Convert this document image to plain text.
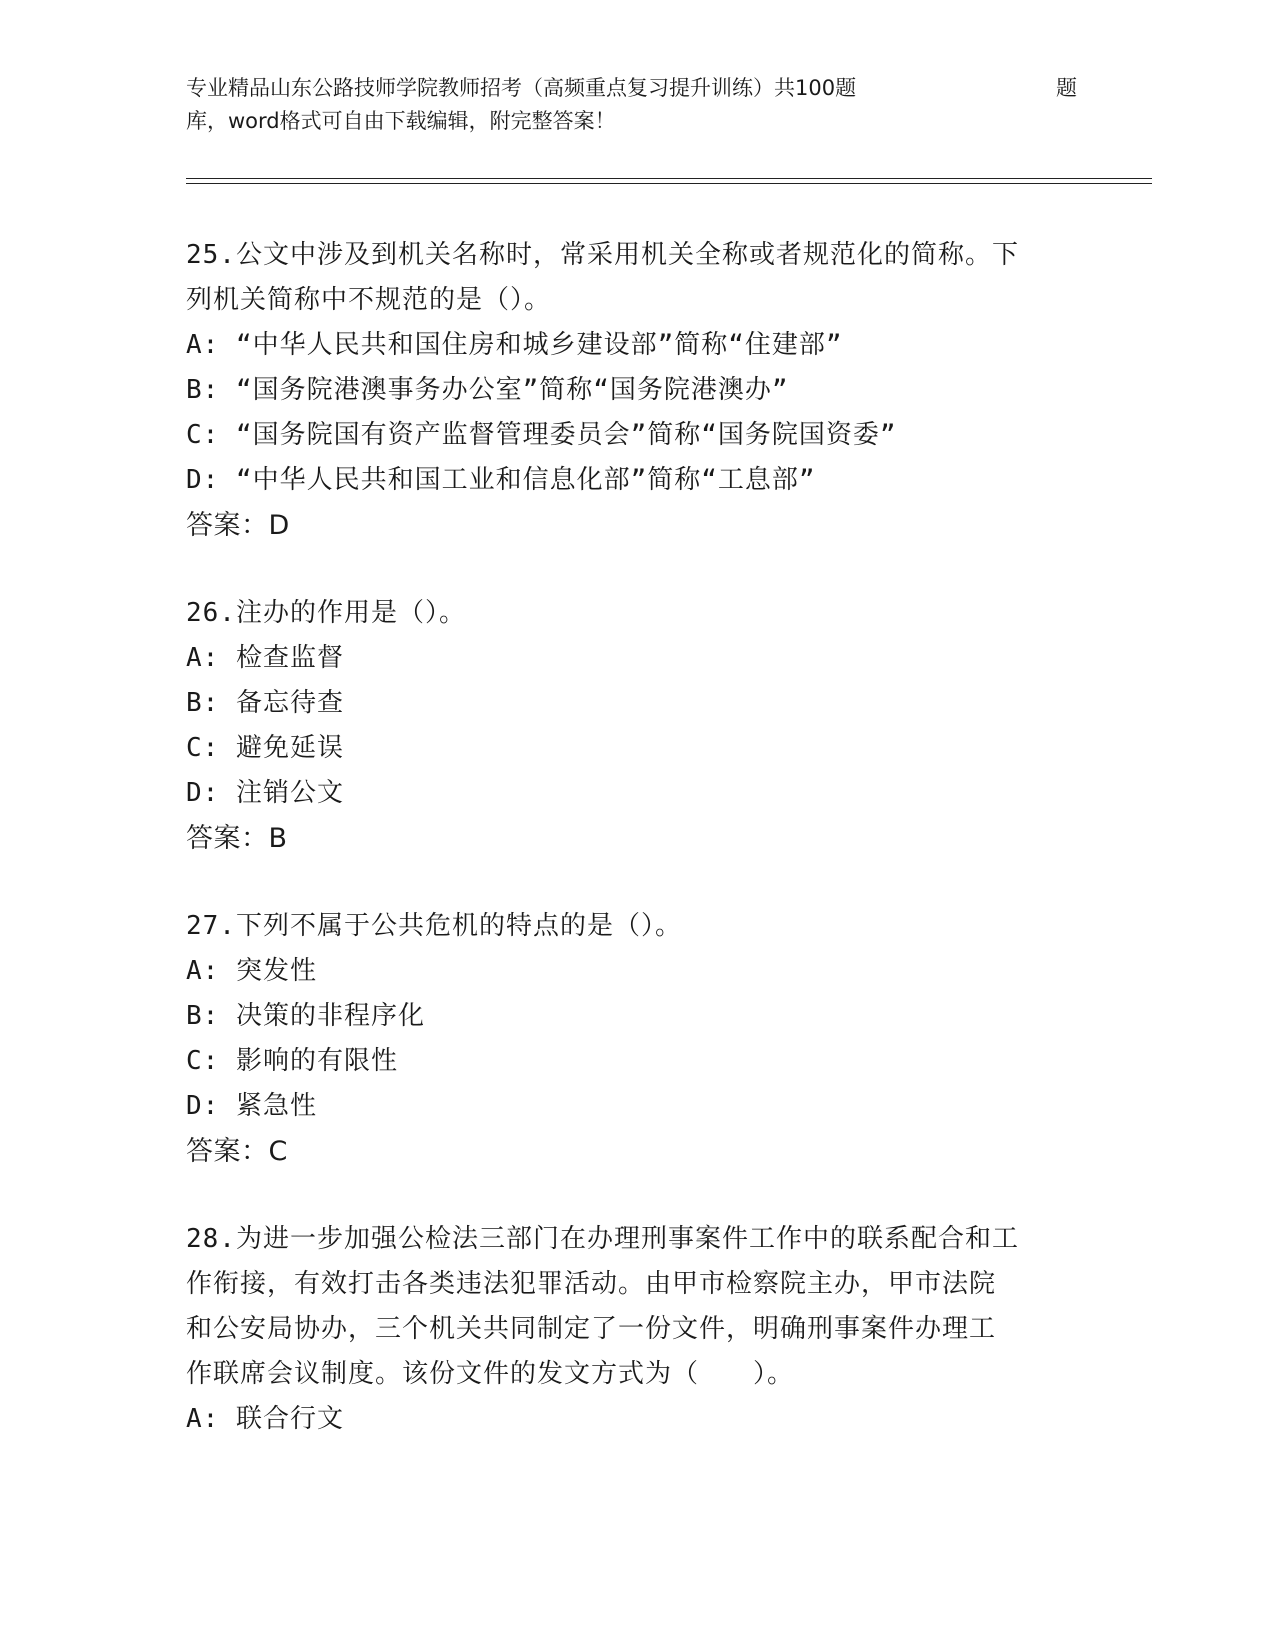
专业精品山东公路技师学院教师招考（高频重点复习提升训练）共100题	题
库，word格式可自由下载编辑，附完整答案！
25.公文中涉及到机关名称时，常采用机关全称或者规范化的简称。下
列机关简称中不规范的是（）。
A: “中华人民共和国住房和城乡建设部”简称“住建部”
B: “国务院港澳事务办公室”简称“国务院港澳办”
C: “国务院国有资产监督管理委员会”简称“国务院国资委”
D: “中华人民共和国工业和信息化部”简称“工息部”
答案：D
26.注办的作用是（）。
A: 检查监督
B: 备忘待查
C: 避免延误
D: 注销公文
答案：B
27.下列不属于公共危机的特点的是（）。
A: 突发性
B: 决策的非程序化
C: 影响的有限性
D: 紧急性
答案：C
28.为进一步加强公检法三部门在办理刑事案件工作中的联系配合和工
作衔接，有效打击各类违法犯罪活动。由甲市检察院主办，甲市法院
和公安局协办，三个机关共同制定了一份文件，明确刑事案件办理工
作联席会议制度。该份文件的发文方式为（　　）。
A: 联合行文
